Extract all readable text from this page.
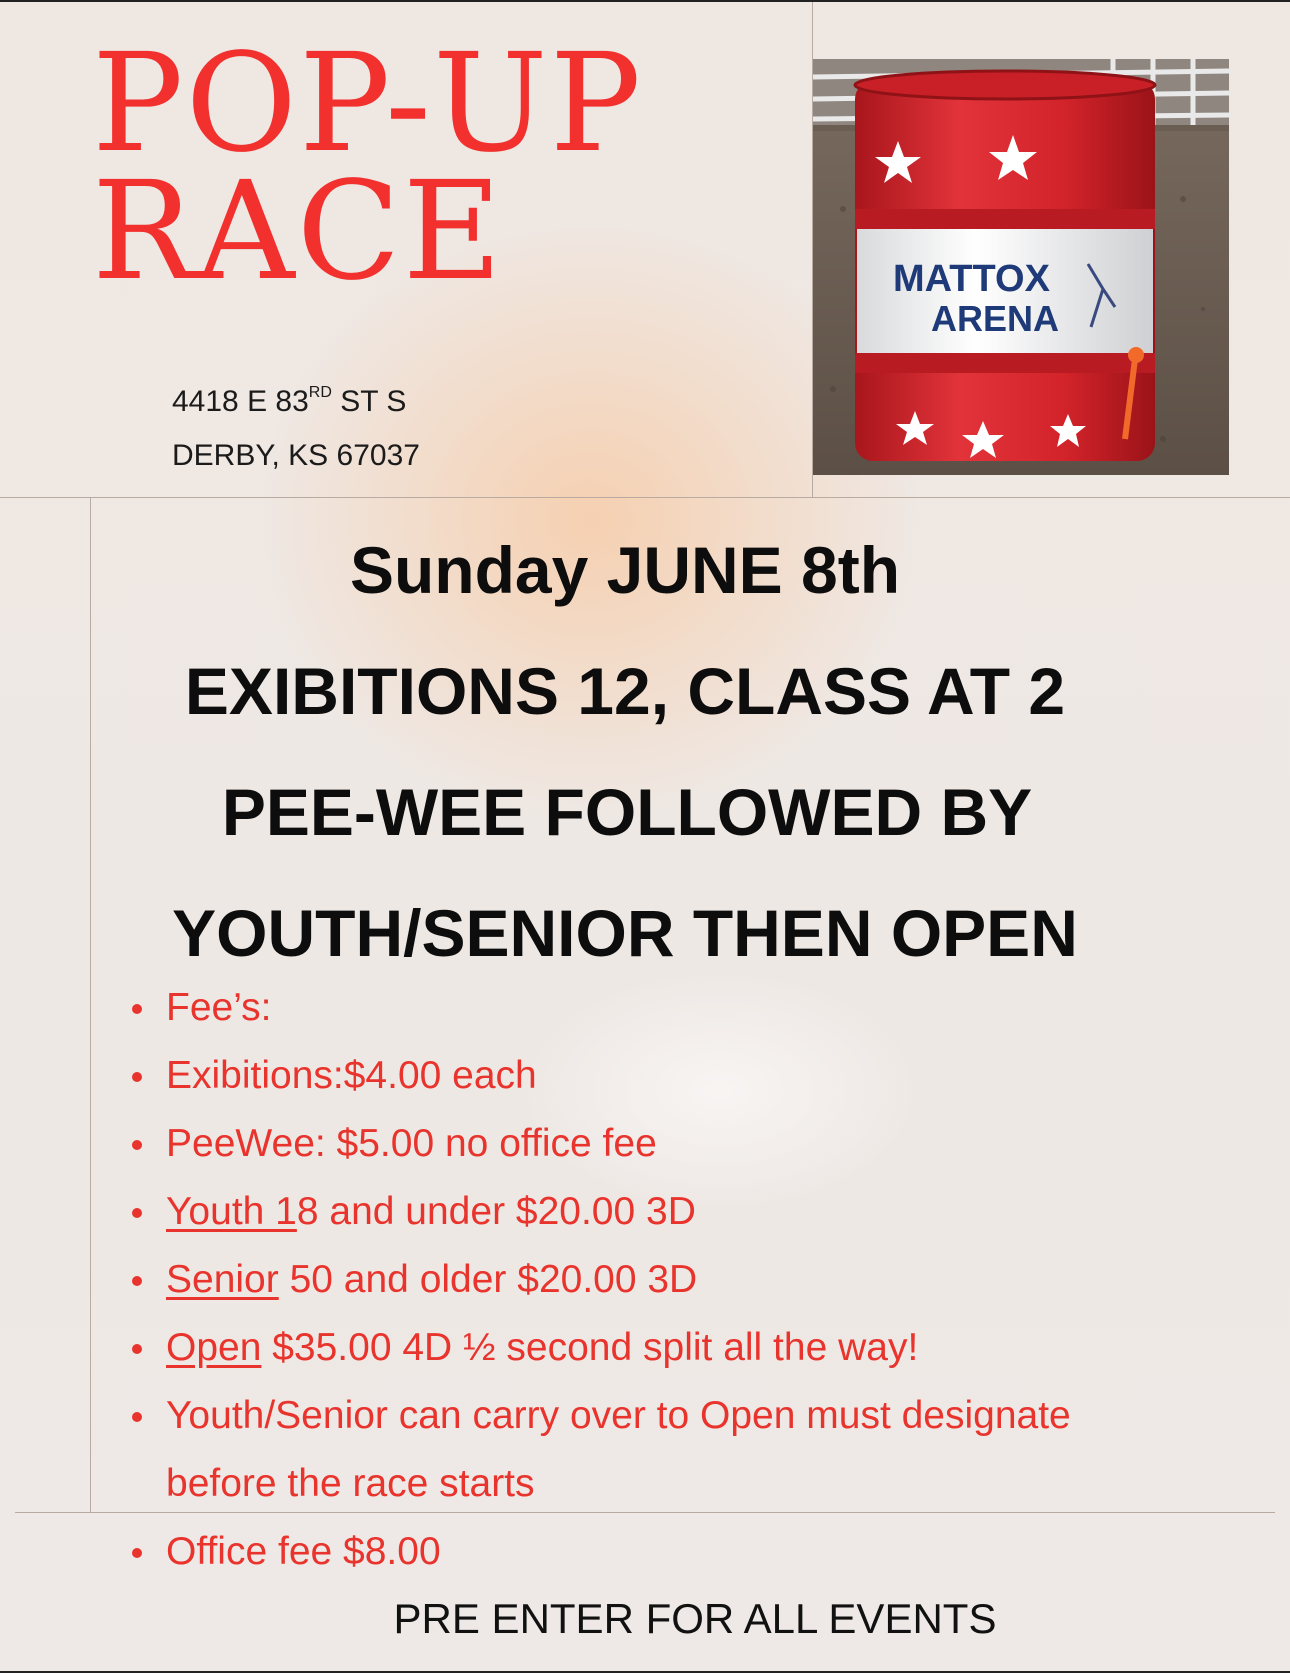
POP-UP
RACE
4418 E 83RD ST S
DERBY, KS 67037
MATTOX
ARENA
Sunday JUNE 8th
EXIBITIONS 12, CLASS AT 2
PEE-WEE FOLLOWED BY
YOUTH/SENIOR THEN OPEN
Fee’s:
Exibitions:$4.00 each
PeeWee: $5.00 no office fee
Youth 18 and under $20.00 3D
Senior 50 and older $20.00 3D
Open $35.00 4D ½ second split all the way!
Youth/Senior can carry over to Open must designate
before the race starts
Office fee $8.00

PRE ENTER FOR ALL EVENTS
